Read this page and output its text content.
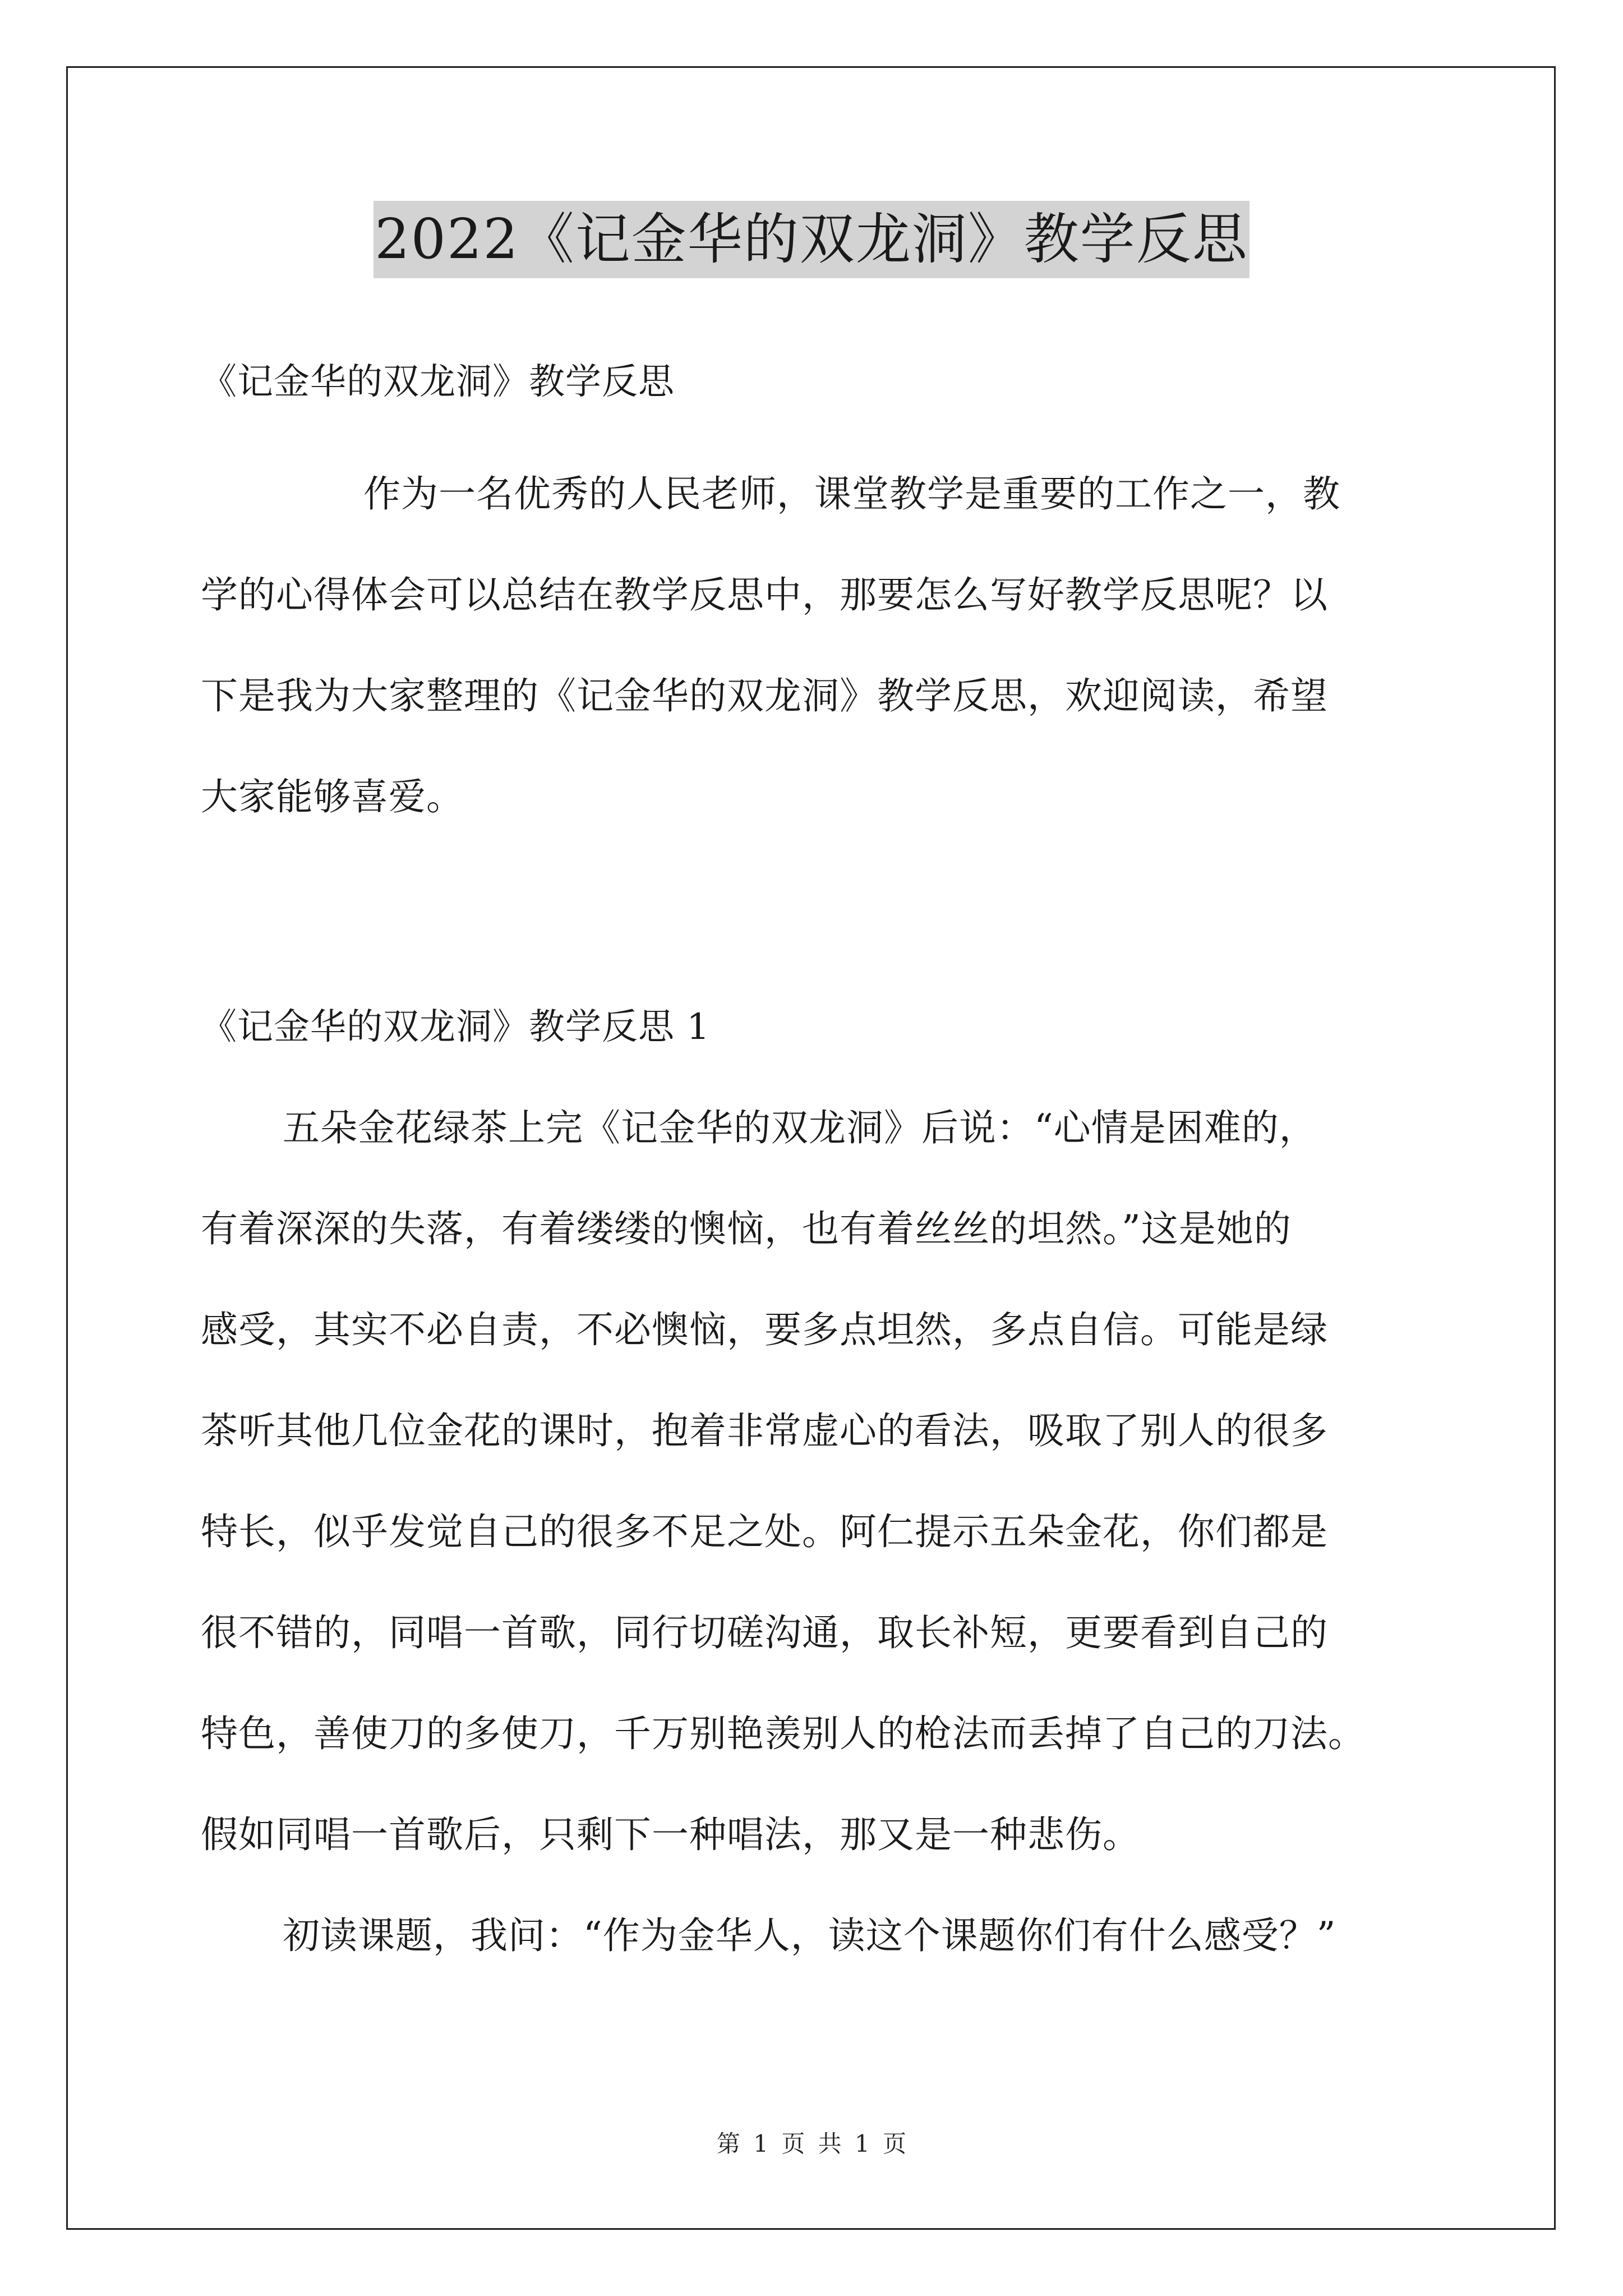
2022《记金华的双龙洞》教学反思

《记金华的双龙洞》教学反思

作为一名优秀的人民老师，课堂教学是重要的工作之一，教

学的心得体会可以总结在教学反思中，那要怎么写好教学反思呢？以

下是我为大家整理的《记金华的双龙洞》教学反思，欢迎阅读，希望

大家能够喜爱。

《记金华的双龙洞》教学反思 1

五朵金花绿茶上完《记金华的双龙洞》后说：“心情是困难的，

有着深深的失落，有着缕缕的懊恼，也有着丝丝的坦然。”这是她的

感受，其实不必自责，不必懊恼，要多点坦然，多点自信。可能是绿

茶听其他几位金花的课时，抱着非常虚心的看法，吸取了别人的很多

特长，似乎发觉自己的很多不足之处。阿仁提示五朵金花，你们都是

很不错的，同唱一首歌，同行切磋沟通，取长补短，更要看到自己的

特色，善使刀的多使刀，千万别艳羡别人的枪法而丢掉了自己的刀法。

假如同唱一首歌后，只剩下一种唱法，那又是一种悲伤。

初读课题，我问：“作为金华人，读这个课题你们有什么感受？”

第 1 页 共 1 页
